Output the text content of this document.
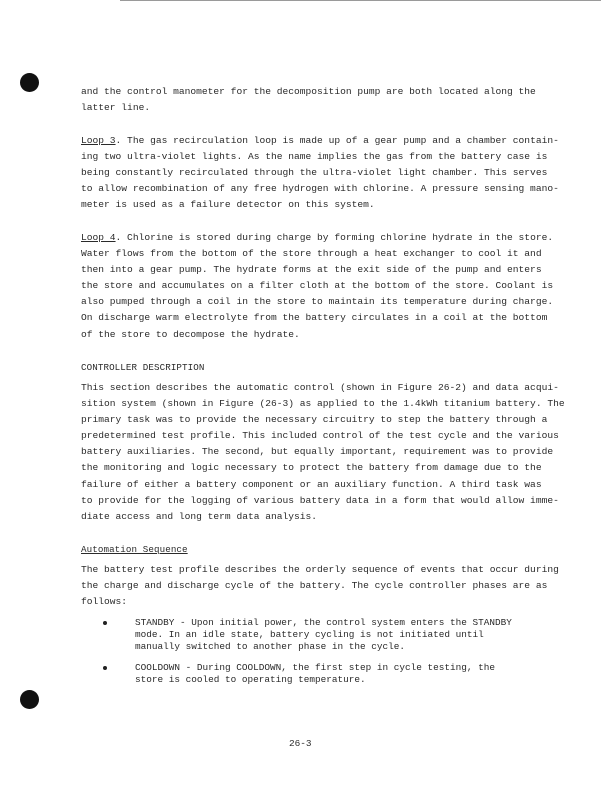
and the control manometer for the decomposition pump are both located along the
latter line.
Loop 3. The gas recirculation loop is made up of a gear pump and a chamber contain-
ing two ultra-violet lights. As the name implies the gas from the battery case is
being constantly recirculated through the ultra-violet light chamber. This serves
to allow recombination of any free hydrogen with chlorine. A pressure sensing mano-
meter is used as a failure detector on this system.
Loop 4. Chlorine is stored during charge by forming chlorine hydrate in the store.
Water flows from the bottom of the store through a heat exchanger to cool it and
then into a gear pump. The hydrate forms at the exit side of the pump and enters
the store and accumulates on a filter cloth at the bottom of the store. Coolant is
also pumped through a coil in the store to maintain its temperature during charge.
On discharge warm electrolyte from the battery circulates in a coil at the bottom
of the store to decompose the hydrate.
CONTROLLER DESCRIPTION
This section describes the automatic control (shown in Figure 26-2) and data acqui-
sition system (shown in Figure (26-3) as applied to the 1.4kWh titanium battery. The
primary task was to provide the necessary circuitry to step the battery through a
predetermined test profile. This included control of the test cycle and the various
battery auxiliaries. The second, but equally important, requirement was to provide
the monitoring and logic necessary to protect the battery from damage due to the
failure of either a battery component or an auxiliary function. A third task was
to provide for the logging of various battery data in a form that would allow imme-
diate access and long term data analysis.
Automation Sequence
The battery test profile describes the orderly sequence of events that occur during
the charge and discharge cycle of the battery. The cycle controller phases are as
follows:
STANDBY - Upon initial power, the control system enters the STANDBY
mode. In an idle state, battery cycling is not initiated until
manually switched to another phase in the cycle.
COOLDOWN - During COOLDOWN, the first step in cycle testing, the
store is cooled to operating temperature.
26-3
